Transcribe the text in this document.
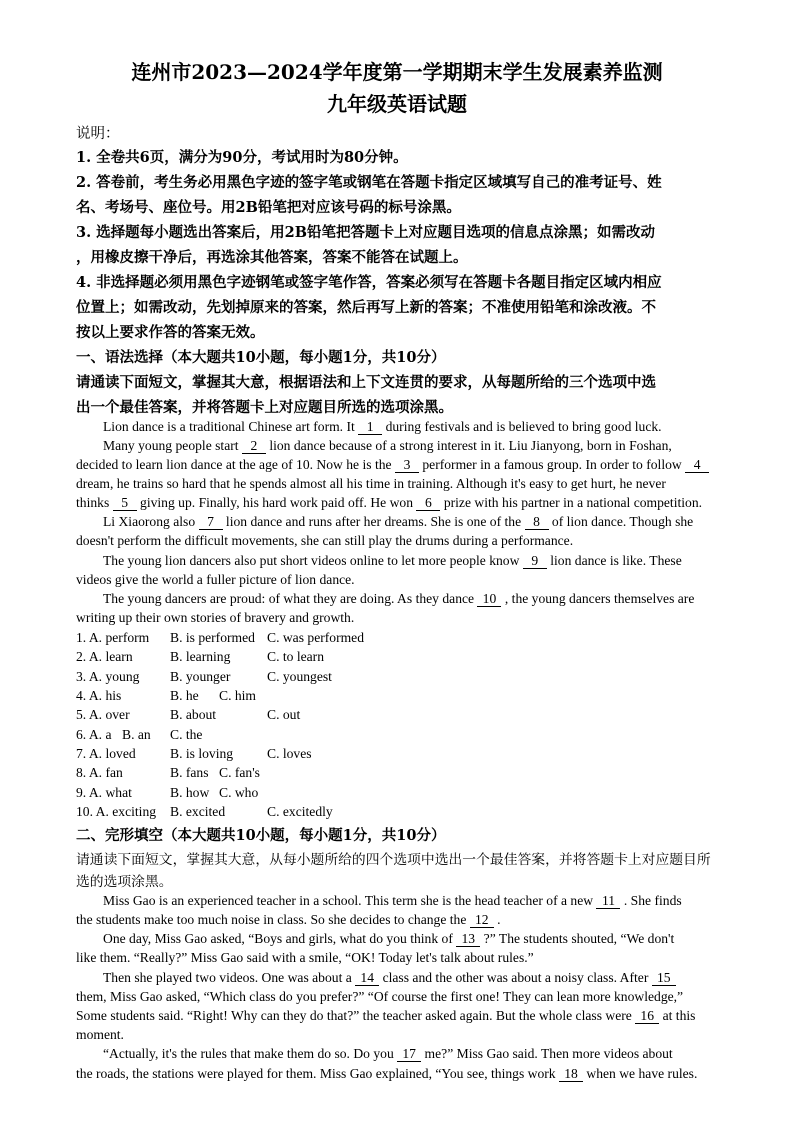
连州市2023—2024学年度第一学期期末学生发展素养监测
九年级英语试题
说明：
1. 全卷共6页，满分为90分，考试用时为80分钟。
2. 答卷前，考生务必用黑色字迹的签字笔或钢笔在答题卡指定区域填写自己的准考证号、姓
名、考场号、座位号。用2B铅笔把对应该号码的标号涂黑。
3. 选择题每小题选出答案后，用2B铅笔把答题卡上对应题目选项的信息点涂黑；如需改动
，用橡皮擦干净后，再选涂其他答案，答案不能答在试题上。
4. 非选择题必须用黑色字迹钢笔或签字笔作答，答案必须写在答题卡各题目指定区域内相应
位置上；如需改动，先划掉原来的答案，然后再写上新的答案；不准使用铅笔和涂改液。不
按以上要求作答的答案无效。
一、语法选择（本大题共10小题，每小题1分，共10分）
请通读下面短文，掌握其大意，根据语法和上下文连贯的要求，从每题所给的三个选项中选
出一个最佳答案，并将答题卡上对应题目所选的选项涂黑。
Lion dance is a traditional Chinese art form. It 1 during festivals and is believed to bring good luck.
Many young people start 2 lion dance because of a strong interest in it. Liu Jianyong, born in Foshan,
decided to learn lion dance at the age of 10. Now he is the 3 performer in a famous group. In order to follow 4
dream, he trains so hard that he spends almost all his time in training. Although it's easy to get hurt, he never
thinks 5 giving up. Finally, his hard work paid off. He won 6 prize with his partner in a national competition.
Li Xiaorong also 7 lion dance and runs after her dreams. She is one of the 8 of lion dance. Though she
doesn't perform the difficult movements, she can still play the drums during a performance.
The young lion dancers also put short videos online to let more people know 9 lion dance is like. These
videos give the world a fuller picture of lion dance.
The young dancers are proud: of what they are doing. As they dance 10 , the young dancers themselves are
writing up their own stories of bravery and growth.
1. A. perform B. is performed C. was performed
2. A. learn	B. learning	C. to learn
3. A. young B. younger	C. youngest
4. A. his	B. he C. him
5. A. over	B. about	C. out
6. A. a B. an C. the
7. A. loved	B. is loving C. loves
8. A. fan	B. fans C. fan's
9. A. what	B. how C. who
10. A. exciting B. excited	C. excitedly
二、完形填空（本大题共10小题，每小题1分，共10分）
请通读下面短文，掌握其大意，从每小题所给的四个选项中选出一个最佳答案，并将答题卡上对应题目所
选的选项涂黑。
Miss Gao is an experienced teacher in a school. This term she is the head teacher of a new 11 . She finds
the students make too much noise in class. So she decides to change the 12 .
One day, Miss Gao asked, “Boys and girls, what do you think of 13 ?” The students shouted, “We don't
like them. “Really?” Miss Gao said with a smile, “OK! Today let's talk about rules.”
Then she played two videos. One was about a 14 class and the other was about a noisy class. After 15
them, Miss Gao asked, “Which class do you prefer?” “Of course the first one! They can lean more knowledge,”
Some students said. “Right! Why can they do that?” the teacher asked again. But the whole class were 16 at this
moment.
“Actually, it's the rules that make them do so. Do you 17 me?” Miss Gao said. Then more videos about
the roads, the stations were played for them. Miss Gao explained, “You see, things work 18 when we have rules.
